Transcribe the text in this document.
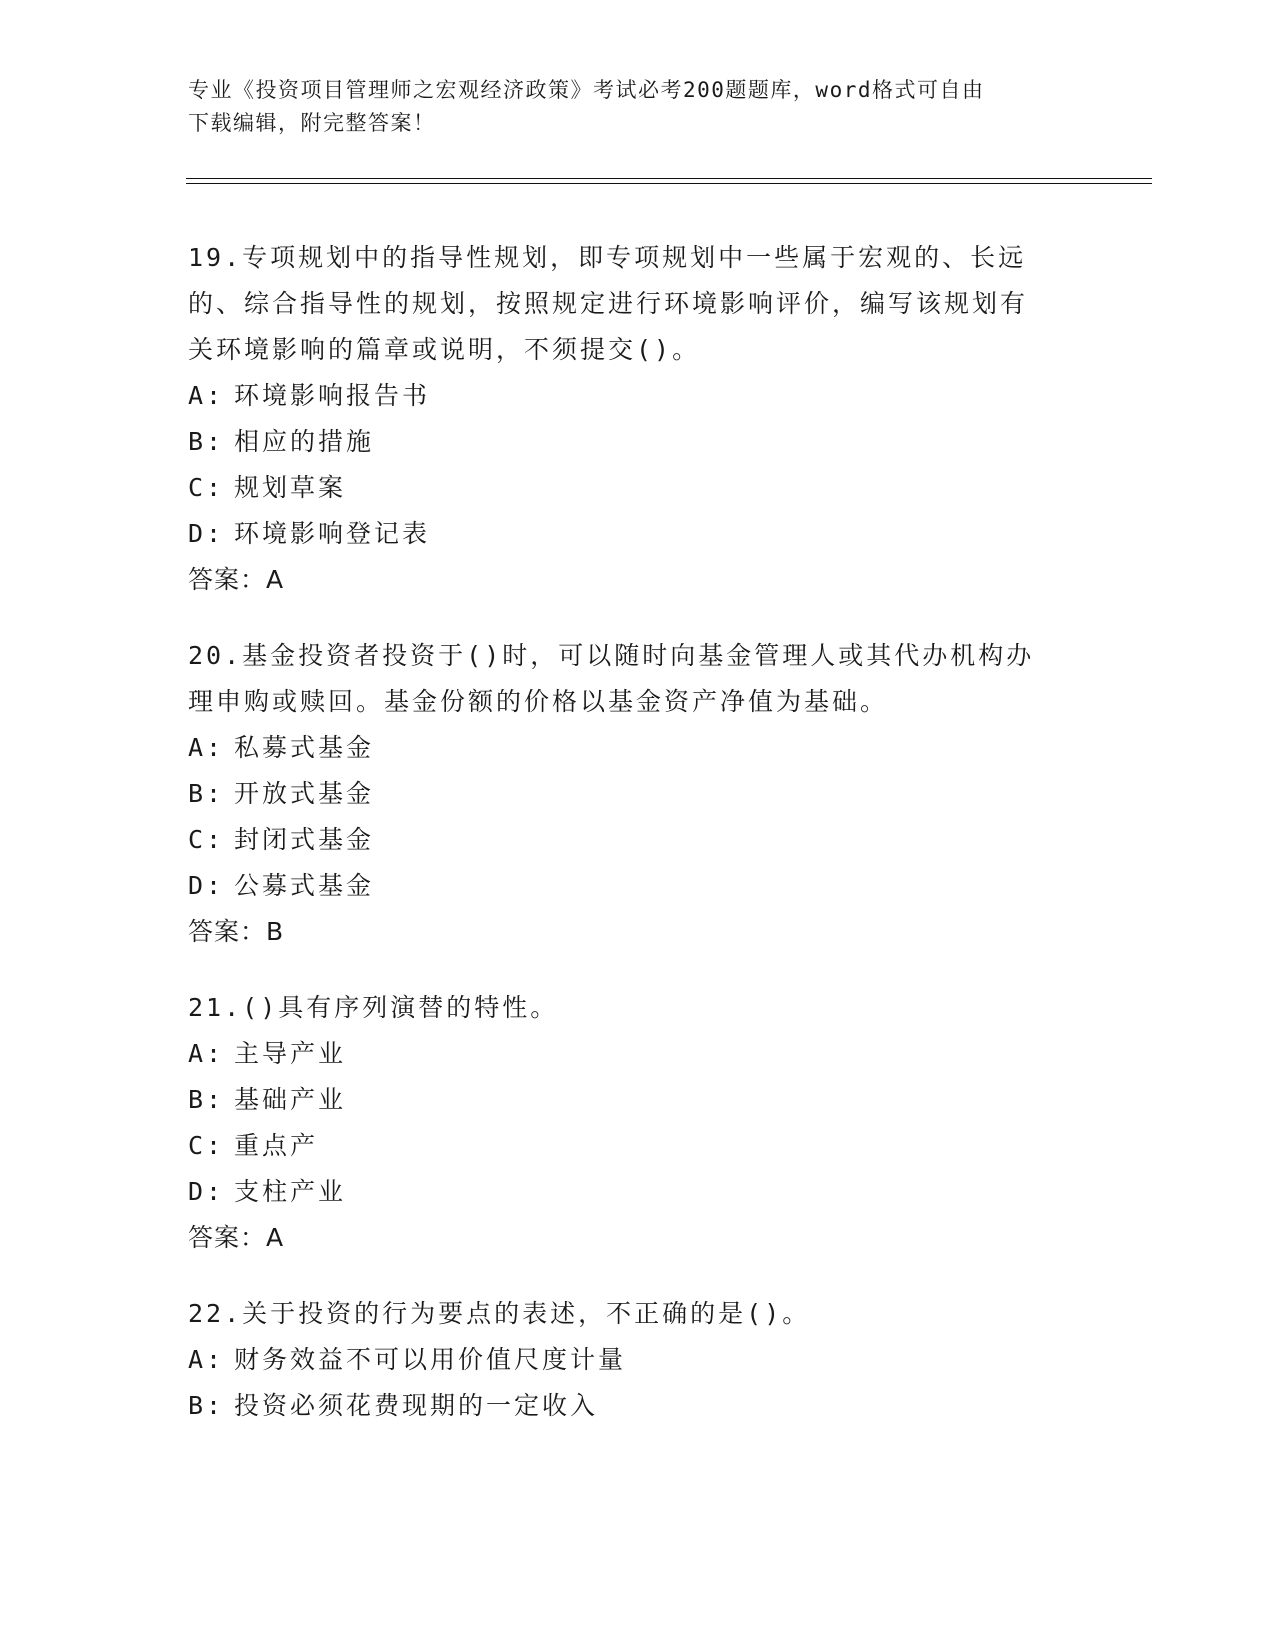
专业《投资项目管理师之宏观经济政策》考试必考200题题库，word格式可自由
下载编辑，附完整答案！

19.专项规划中的指导性规划，即专项规划中一些属于宏观的、长远的、综合指导性的规划，按照规定进行环境影响评价，编写该规划有关环境影响的篇章或说明，不须提交()。

A: 环境影响报告书
B: 相应的措施
C: 规划草案
D: 环境影响登记表
答案：A

20.基金投资者投资于()时，可以随时向基金管理人或其代办机构办理申购或赎回。基金份额的价格以基金资产净值为基础。

A: 私募式基金
B: 开放式基金
C: 封闭式基金
D: 公募式基金
答案：B

21.()具有序列演替的特性。

A: 主导产业
B: 基础产业
C: 重点产
D: 支柱产业
答案：A

22.关于投资的行为要点的表述，不正确的是()。

A: 财务效益不可以用价值尺度计量
B: 投资必须花费现期的一定收入
